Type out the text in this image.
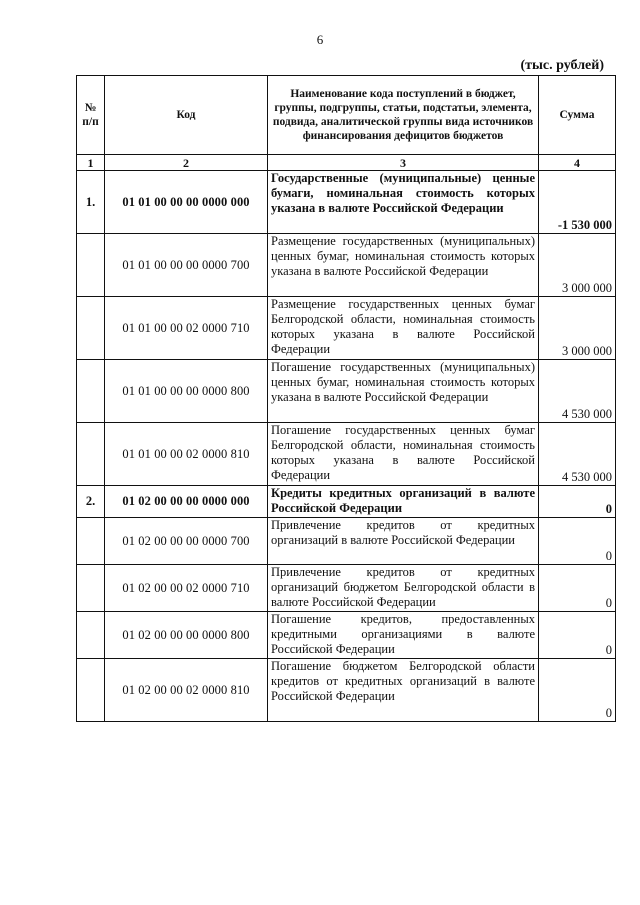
6
(тыс. рублей)
№ п/п	Код	Наименование кода поступлений в бюджет, группы, подгруппы, статьи, подстатьи, элемента, подвида, аналитической группы вида источников финансирования дефицитов бюджетов	Сумма
1	2	3	4
1.	01 01 00 00 00 0000 000	Государственные (муниципальные) ценные бумаги, номинальная стоимость которых указана в валюте Российской Федерации	-1 530 000
	01 01 00 00 00 0000 700	Размещение государственных (муниципальных) ценных бумаг, номинальная стоимость которых указана в валюте Российской Федерации	3 000 000
	01 01 00 00 02 0000 710	Размещение государственных ценных бумаг Белгородской области, номинальная стоимость которых указана в валюте Российской Федерации	3 000 000
	01 01 00 00 00 0000 800	Погашение государственных (муниципальных) ценных бумаг, номинальная стоимость которых указана в валюте Российской Федерации	4 530 000
	01 01 00 00 02 0000 810	Погашение государственных ценных бумаг Белгородской области, номинальная стоимость которых указана в валюте Российской Федерации	4 530 000
2.	01 02 00 00 00 0000 000	Кредиты кредитных организаций в валюте Российской Федерации	0
	01 02 00 00 00 0000 700	Привлечение кредитов от кредитных организаций в валюте Российской Федерации	0
	01 02 00 00 02 0000 710	Привлечение кредитов от кредитных организаций бюджетом Белгородской области в валюте Российской Федерации	0
	01 02 00 00 00 0000 800	Погашение кредитов, предоставленных кредитными организациями в валюте Российской Федерации	0
	01 02 00 00 02 0000 810	Погашение бюджетом Белгородской области кредитов от кредитных организаций в валюте Российской Федерации	0
